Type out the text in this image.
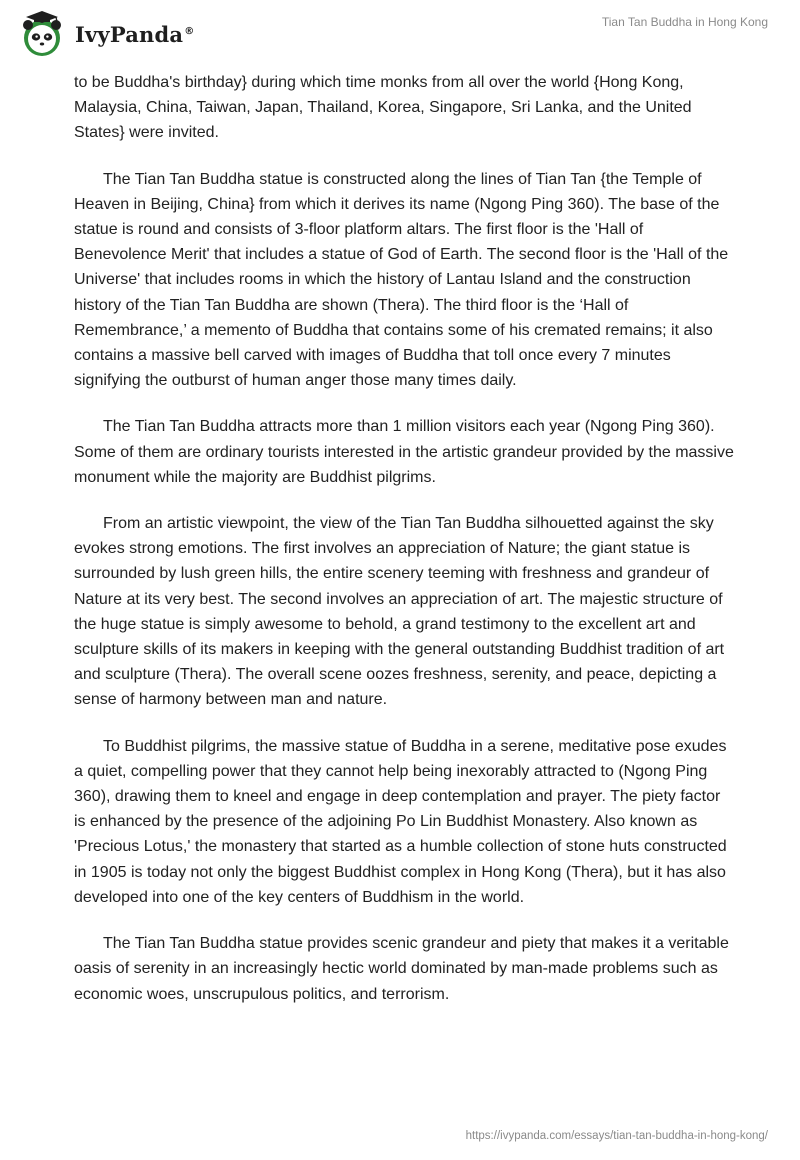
IvyPanda®
Tian Tan Buddha in Hong Kong

to be Buddha's birthday} during which time monks from all over the world {Hong Kong, Malaysia, China, Taiwan, Japan, Thailand, Korea, Singapore, Sri Lanka, and the United States} were invited.

The Tian Tan Buddha statue is constructed along the lines of Tian Tan {the Temple of Heaven in Beijing, China} from which it derives its name (Ngong Ping 360). The base of the statue is round and consists of 3-floor platform altars. The first floor is the 'Hall of Benevolence Merit' that includes a statue of God of Earth. The second floor is the 'Hall of the Universe' that includes rooms in which the history of Lantau Island and the construction history of the Tian Tan Buddha are shown (Thera). The third floor is the ‘Hall of Remembrance,’ a memento of Buddha that contains some of his cremated remains; it also contains a massive bell carved with images of Buddha that toll once every 7 minutes signifying the outburst of human anger those many times daily.

The Tian Tan Buddha attracts more than 1 million visitors each year (Ngong Ping 360). Some of them are ordinary tourists interested in the artistic grandeur provided by the massive monument while the majority are Buddhist pilgrims.

From an artistic viewpoint, the view of the Tian Tan Buddha silhouetted against the sky evokes strong emotions. The first involves an appreciation of Nature; the giant statue is surrounded by lush green hills, the entire scenery teeming with freshness and grandeur of Nature at its very best. The second involves an appreciation of art. The majestic structure of the huge statue is simply awesome to behold, a grand testimony to the excellent art and sculpture skills of its makers in keeping with the general outstanding Buddhist tradition of art and sculpture (Thera). The overall scene oozes freshness, serenity, and peace, depicting a sense of harmony between man and nature.

To Buddhist pilgrims, the massive statue of Buddha in a serene, meditative pose exudes a quiet, compelling power that they cannot help being inexorably attracted to (Ngong Ping 360), drawing them to kneel and engage in deep contemplation and prayer. The piety factor is enhanced by the presence of the adjoining Po Lin Buddhist Monastery. Also known as 'Precious Lotus,' the monastery that started as a humble collection of stone huts constructed in 1905 is today not only the biggest Buddhist complex in Hong Kong (Thera), but it has also developed into one of the key centers of Buddhism in the world.

The Tian Tan Buddha statue provides scenic grandeur and piety that makes it a veritable oasis of serenity in an increasingly hectic world dominated by man-made problems such as economic woes, unscrupulous politics, and terrorism.

https://ivypanda.com/essays/tian-tan-buddha-in-hong-kong/
